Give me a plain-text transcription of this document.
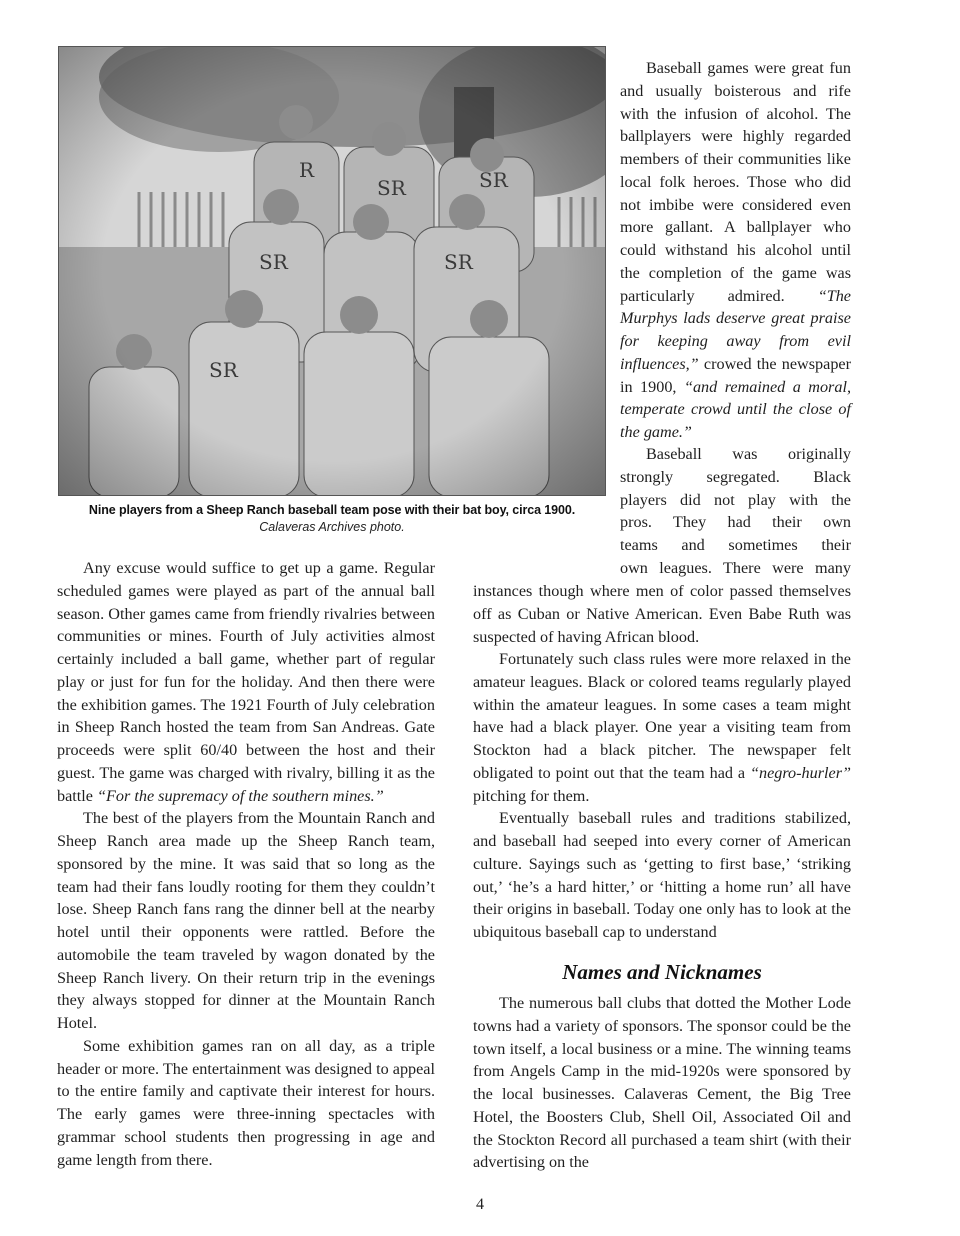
Nine players from a Sheep Ranch baseball team pose with their bat boy, circa 1900.
Calaveras Archives photo.

Baseball games were great fun and usually boisterous and rife with the infusion of alcohol. The ballplayers were highly regarded members of their communities like local folk heroes. Those who did not imbibe were considered even more gallant. A ballplayer who could withstand his alcohol until the completion of the game was particularly admired. “The Murphys lads deserve great praise for keeping away from evil influences,” crowed the newspaper in 1900, “and remained a moral, temperate crowd until the close of the game.”

Baseball was originally
strongly segregated. Black
players did not play with the
pros. They had their own
teams and sometimes their
own leagues. There were many
instances though where men of color passed themselves off as Cuban or Native American. Even Babe Ruth was suspected of having African blood.

Fortunately such class rules were more relaxed in the amateur leagues. Black or colored teams regularly played within the amateur leagues. In some cases a team might have had a black player. One year a visiting team from Stockton had a black pitcher. The newspaper felt obligated to point out that the team had a “negro-hurler” pitching for them.

Eventually baseball rules and traditions stabilized, and baseball had seeped into every corner of American culture. Sayings such as ‘getting to first base,’ ‘striking out,’ ‘he’s a hard hitter,’ or ‘hitting a home run’ all have their origins in baseball. Today one only has to look at the ubiquitous baseball cap to understand

Names and Nicknames

The numerous ball clubs that dotted the Mother Lode towns had a variety of sponsors. The sponsor could be the town itself, a local business or a mine. The winning teams from Angels Camp in the mid-1920s were sponsored by the local businesses. Calaveras Cement, the Big Tree Hotel, the Boosters Club, Shell Oil, Associated Oil and the Stockton Record all purchased a team shirt (with their advertising on the

Any excuse would suffice to get up a game. Regular scheduled games were played as part of the annual ball season. Other games came from friendly rivalries between communities or mines. Fourth of July activities almost certainly included a ball game, whether part of regular play or just for fun for the holiday. And then there were the exhibition games. The 1921 Fourth of July celebration in Sheep Ranch hosted the team from San Andreas. Gate proceeds were split 60/40 between the host and their guest. The game was charged with rivalry, billing it as the battle “For the supremacy of the southern mines.”

The best of the players from the Mountain Ranch and Sheep Ranch area made up the Sheep Ranch team, sponsored by the mine. It was said that so long as the team had their fans loudly rooting for them they couldn’t lose. Sheep Ranch fans rang the dinner bell at the nearby hotel until their opponents were rattled. Before the automobile the team traveled by wagon donated by the Sheep Ranch livery. On their return trip in the evenings they always stopped for dinner at the Mountain Ranch Hotel.

Some exhibition games ran on all day, as a triple header or more. The entertainment was designed to appeal to the entire family and captivate their interest for hours. The early games were three-inning spectacles with grammar school students then progressing in age and game length from there.

4
